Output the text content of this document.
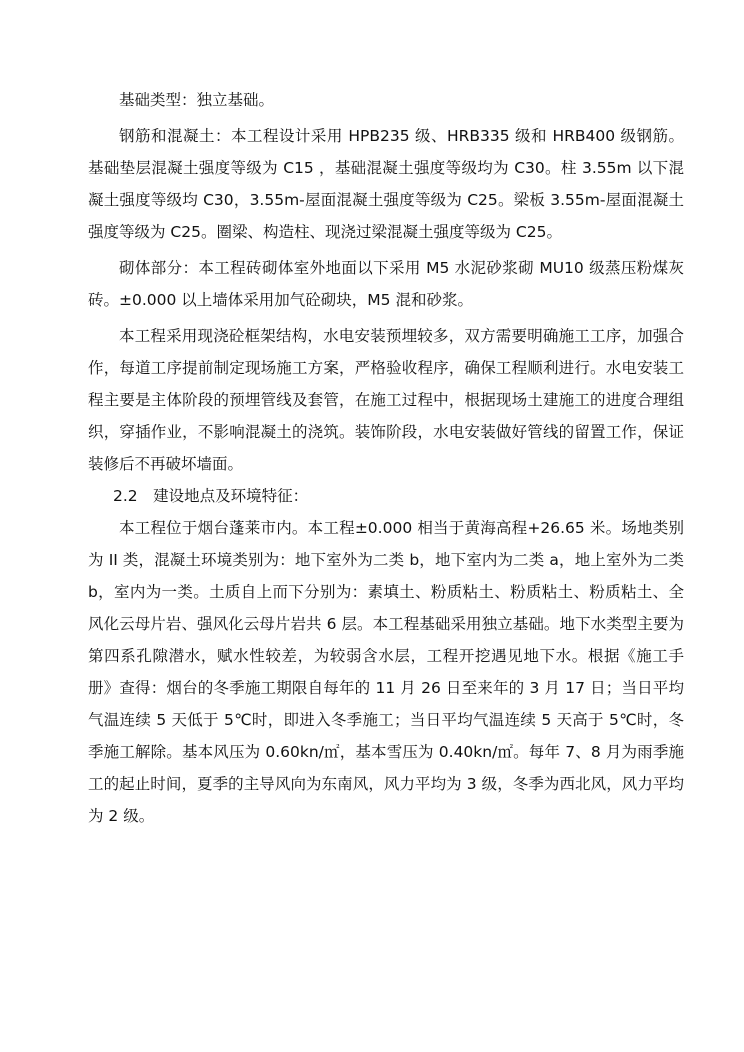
基础类型：独立基础。

钢筋和混凝土：本工程设计采用 HPB235 级、HRB335 级和 HRB400 级钢筋。基础垫层混凝土强度等级为 C15 ，基础混凝土强度等级均为 C30。柱 3.55m 以下混凝土强度等级均 C30，3.55m-屋面混凝土强度等级为 C25。梁板 3.55m-屋面混凝土强度等级为 C25。圈梁、构造柱、现浇过梁混凝土强度等级为 C25。

砌体部分：本工程砖砌体室外地面以下采用 M5 水泥砂浆砌 MU10 级蒸压粉煤灰砖。±0.000 以上墙体采用加气砼砌块，M5 混和砂浆。

本工程采用现浇砼框架结构，水电安装预埋较多，双方需要明确施工工序，加强合作，每道工序提前制定现场施工方案，严格验收程序，确保工程顺利进行。水电安装工程主要是主体阶段的预埋管线及套管，在施工过程中，根据现场土建施工的进度合理组织，穿插作业，不影响混凝土的浇筑。装饰阶段，水电安装做好管线的留置工作，保证装修后不再破坏墙面。

2.2　建设地点及环境特征：

本工程位于烟台蓬莱市内。本工程±0.000 相当于黄海高程+26.65 米。场地类别为 II 类，混凝土环境类别为：地下室外为二类 b，地下室内为二类 a，地上室外为二类 b，室内为一类。土质自上而下分别为：素填土、粉质粘土、粉质粘土、粉质粘土、全风化云母片岩、强风化云母片岩共 6 层。本工程基础采用独立基础。地下水类型主要为第四系孔隙潜水，赋水性较差，为较弱含水层，工程开挖遇见地下水。根据《施工手册》查得：烟台的冬季施工期限自每年的 11 月 26 日至来年的 3 月 17 日；当日平均气温连续 5 天低于 5℃时，即进入冬季施工；当日平均气温连续 5 天高于 5℃时，冬季施工解除。基本风压为 0.60kn/㎡，基本雪压为 0.40kn/㎡。每年 7、8 月为雨季施工的起止时间，夏季的主导风向为东南风，风力平均为 3 级，冬季为西北风，风力平均为 2 级。
